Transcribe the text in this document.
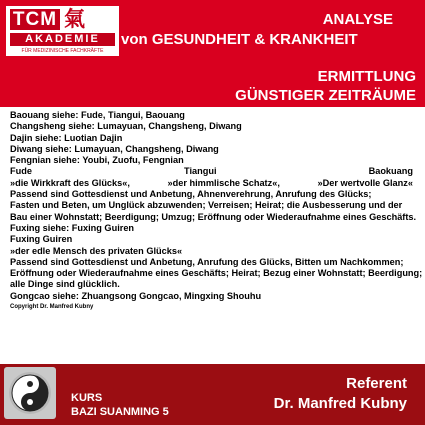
TCM 氣
AKADEMIE
FÜR MEDIZINISCHE FACHKRÄFTE
ANALYSE
von GESUNDHEIT & KRANKHEIT
ERMITTLUNG
GÜNSTIGER ZEITRÄUME
Baouang siehe: Fude, Tiangui, Baouang
Changsheng siehe: Lumayuan, Changsheng, Diwang
Dajin siehe: Luotian Dajin
Diwang siehe: Lumayuan, Changsheng, Diwang
Fengnian siehe: Youbi, Zuofu, Fengnian
Fude	Tiangui	Baokuang
»die Wirkkraft des Glücks«,	»der himmlische Schatz«,	»Der wertvolle Glanz«
Passend sind Gottesdienst und Anbetung, Ahnenverehrung, Anrufung des Glücks;
Fasten und Beten, um Unglück abzuwenden; Verreisen; Heirat; die Ausbesserung und der
Bau einer Wohnstatt; Beerdigung; Umzug; Eröffnung oder Wiederaufnahme eines Geschäfts.
Fuxing siehe: Fuxing Guiren
Fuxing Guiren
»der edle Mensch des privaten Glücks«
Passend sind Gottesdienst und Anbetung, Anrufung des Glücks, Bitten um Nachkommen;
Eröffnung oder Wiederaufnahme eines Geschäfts; Heirat; Bezug einer Wohnstatt; Beerdigung;
alle Dinge sind glücklich.
Gongcao siehe: Zhuangsong Gongcao, Mingxing Shouhu
Copyright Dr. Manfred Kubny
KURS
BAZI SUANMING 5
Referent
Dr. Manfred Kubny
